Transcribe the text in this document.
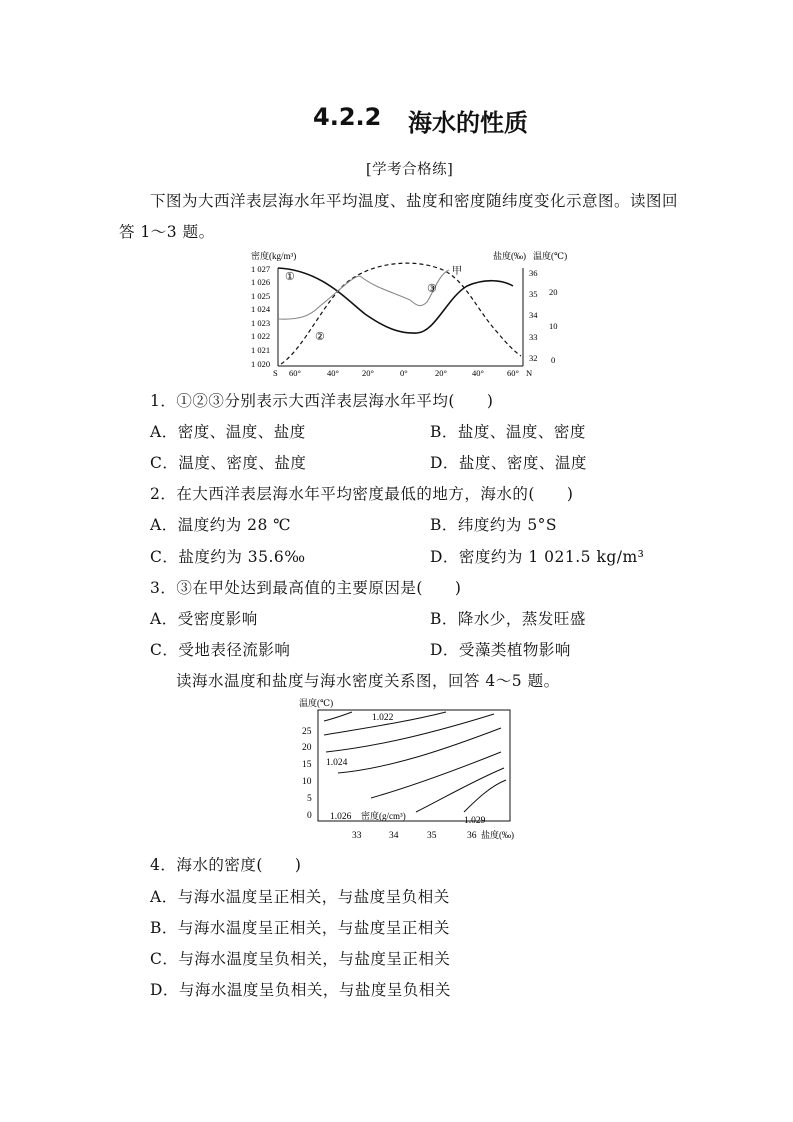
4.2.2 海水的性质
[学考合格练]
下图为大西洋表层海水年平均温度、盐度和密度随纬度变化示意图。读图回
答 1～3 题。
密度(kg/m³)
1 027
1 026
1 025
1 024
1 023
1 022
1 021
1 020
盐度(‰) 温度(℃)
36
35
34
33
32
20
10
0
S 60°	40°	20°	0°	20°	40°	60° N
①
②
③
甲
1．①②③分别表示大西洋表层海水年平均(　　)
A．密度、温度、盐度	B．盐度、温度、密度
C．温度、密度、盐度	D．盐度、密度、温度
2．在大西洋表层海水年平均密度最低的地方，海水的(　　)
A．温度约为 28 ℃	B．纬度约为 5°S
C．盐度约为 35.6‰	D．密度约为 1 021.5 kg/m³
3．③在甲处达到最高值的主要原因是(　　)
A．受密度影响	B．降水少，蒸发旺盛
C．受地表径流影响	D．受藻类植物影响
读海水温度和盐度与海水密度关系图，回答 4～5 题。
温度(℃)
25
20
15
10
5
0
33	34	35	36 盐度(‰)
1.022
1.024
1.026	1.029
密度(g/cm³)
4．海水的密度(　　)
A．与海水温度呈正相关，与盐度呈负相关
B．与海水温度呈正相关，与盐度呈正相关
C．与海水温度呈负相关，与盐度呈正相关
D．与海水温度呈负相关，与盐度呈负相关
